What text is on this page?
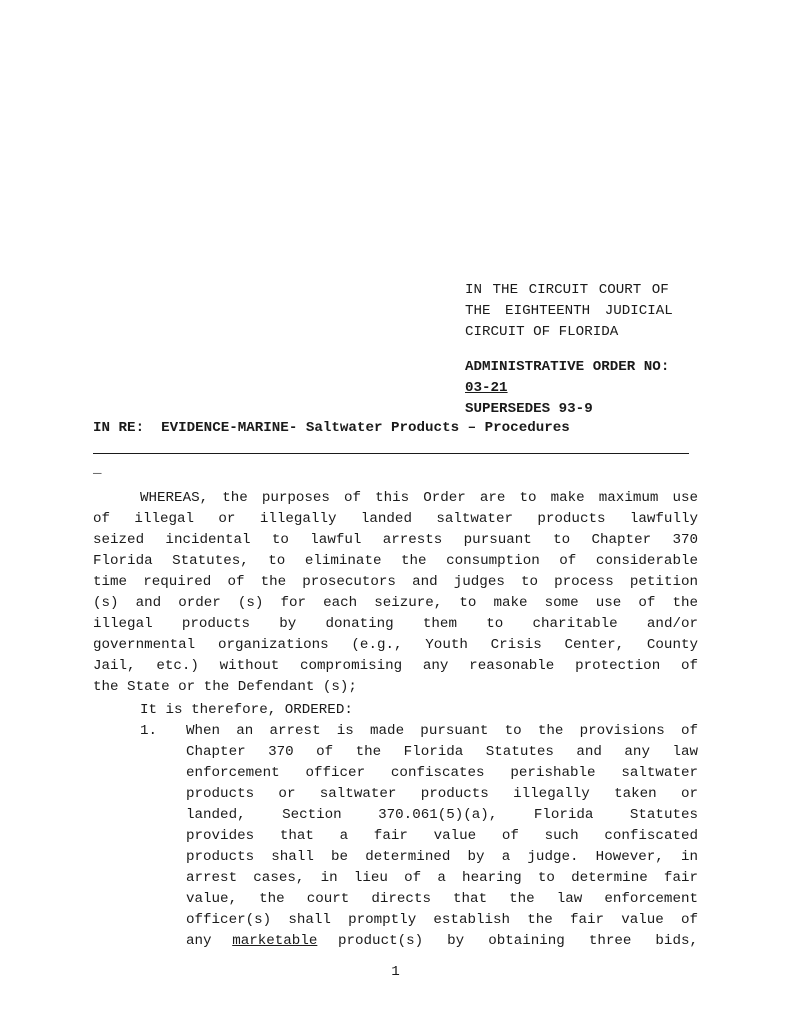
IN THE CIRCUIT COURT OF
THE EIGHTEENTH JUDICIAL
CIRCUIT OF FLORIDA
ADMINISTRATIVE ORDER NO:
03-21
SUPERSEDES 93-9
IN RE:  EVIDENCE-MARINE- Saltwater Products – Procedures
_
WHEREAS, the purposes of this Order are to make maximum use
of illegal or illegally landed saltwater products lawfully
seized incidental to lawful arrests pursuant to Chapter 370
Florida Statutes, to eliminate the consumption of considerable
time required of the prosecutors and judges to process petition
(s) and order (s) for each seizure, to make some use of the
illegal products by donating them to charitable and/or
governmental organizations (e.g., Youth Crisis Center, County
Jail, etc.) without compromising any reasonable protection of
the State or the Defendant (s);
It is therefore, ORDERED:
1. When an arrest is made pursuant to the provisions of
Chapter 370 of the Florida Statutes and any law
enforcement officer confiscates perishable saltwater
products or saltwater products illegally taken or
landed, Section 370.061(5)(a), Florida Statutes
provides that a fair value of such confiscated
products shall be determined by a judge. However, in
arrest cases, in lieu of a hearing to determine fair
value, the court directs that the law enforcement
officer(s) shall promptly establish the fair value of
any marketable product(s) by obtaining three bids,
1
